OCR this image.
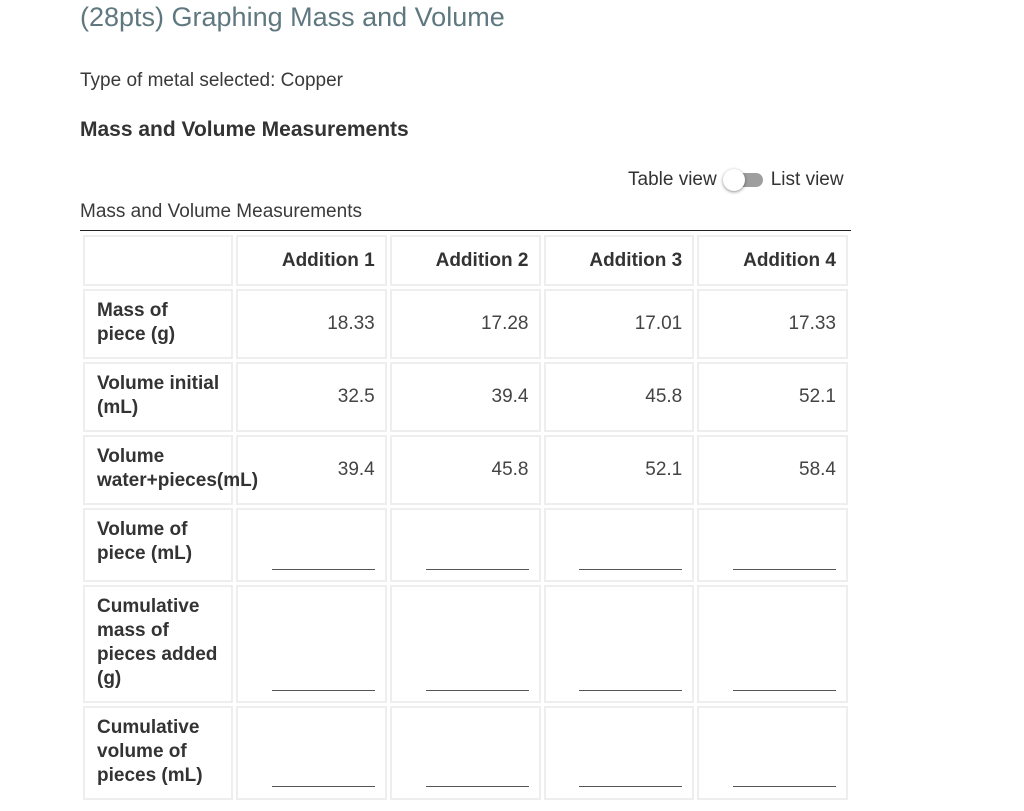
(28pts) Graphing Mass and Volume
Type of metal selected: Copper
Mass and Volume Measurements
Table view	List view
Mass and Volume Measurements
	Addition 1	Addition 2	Addition 3	Addition 4
Mass of piece (g)	18.33	17.28	17.01	17.33
Volume initial (mL)	32.5	39.4	45.8	52.1
Volume water+pieces(mL)	39.4	45.8	52.1	58.4
Volume of piece (mL)	

Cumulative mass of pieces added (g)	

Cumulative volume of pieces (mL)	
